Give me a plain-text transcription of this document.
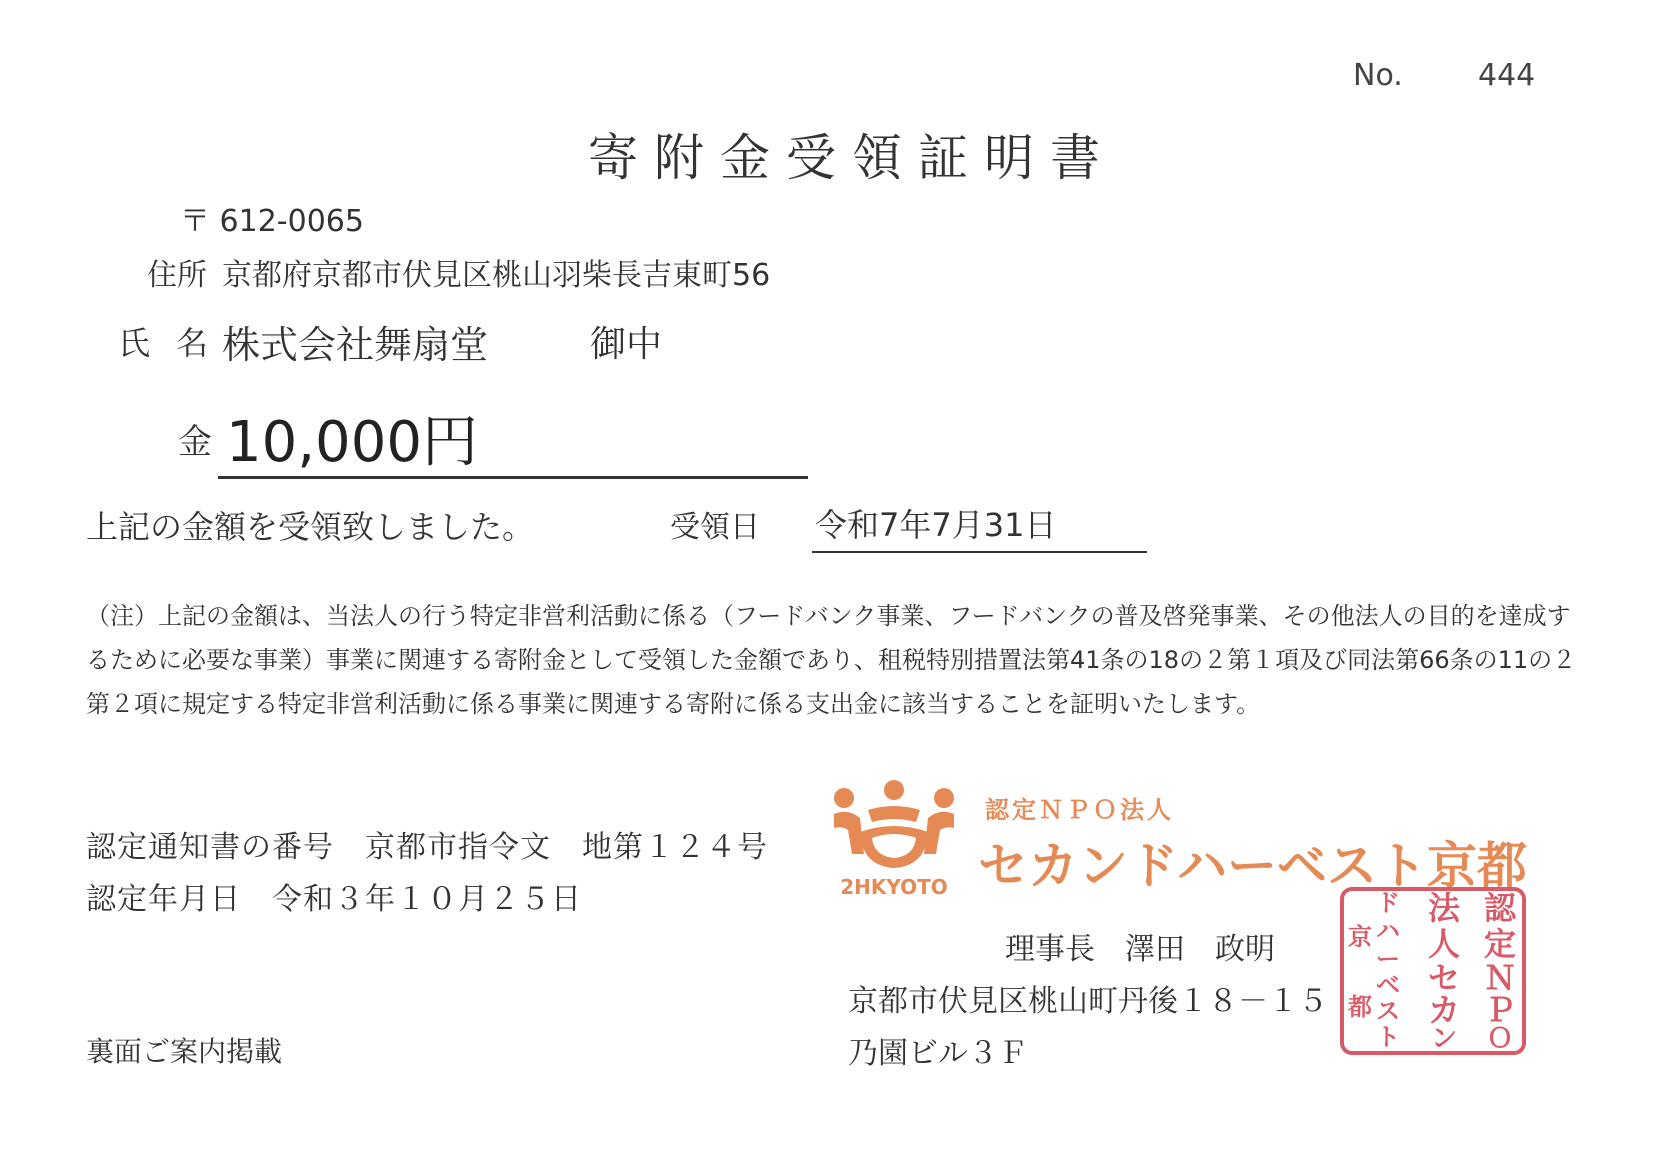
No.	444
寄附金受領証明書
〒 612-0065
住所 京都府京都市伏見区桃山羽柴長吉東町56
氏名
株式会社舞扇堂	御中
金 10,000円
上記の金額を受領致しました。	受領日 令和7年7月31日
（注）上記の金額は、当法人の行う特定非営利活動に係る（フードバンク事業、フードバンクの普及啓発事業、その他法人の目的を達成するために必要な事業）事業に関連する寄附金として受領した金額であり、租税特別措置法第41条の18の２第１項及び同法第66条の11の２第２項に規定する特定非営利活動に係る事業に関連する寄附に係る支出金に該当することを証明いたします。
認定通知書の番号　京都市指令文　地第１２４号
認定年月日　令和３年１０月２５日
裏面ご案内掲載
2HKYOTO
認定ＮＰＯ法人
セカンドハーベスト京都
理事長　澤田　政明
京都市伏見区桃山町丹後１８－１５
乃園ビル３Ｆ
認
定
Ｎ
Ｐ
Ｏ
法
人
セ
カ
ン
ド
ハ
ー
ベ
ス
ト
京
都
